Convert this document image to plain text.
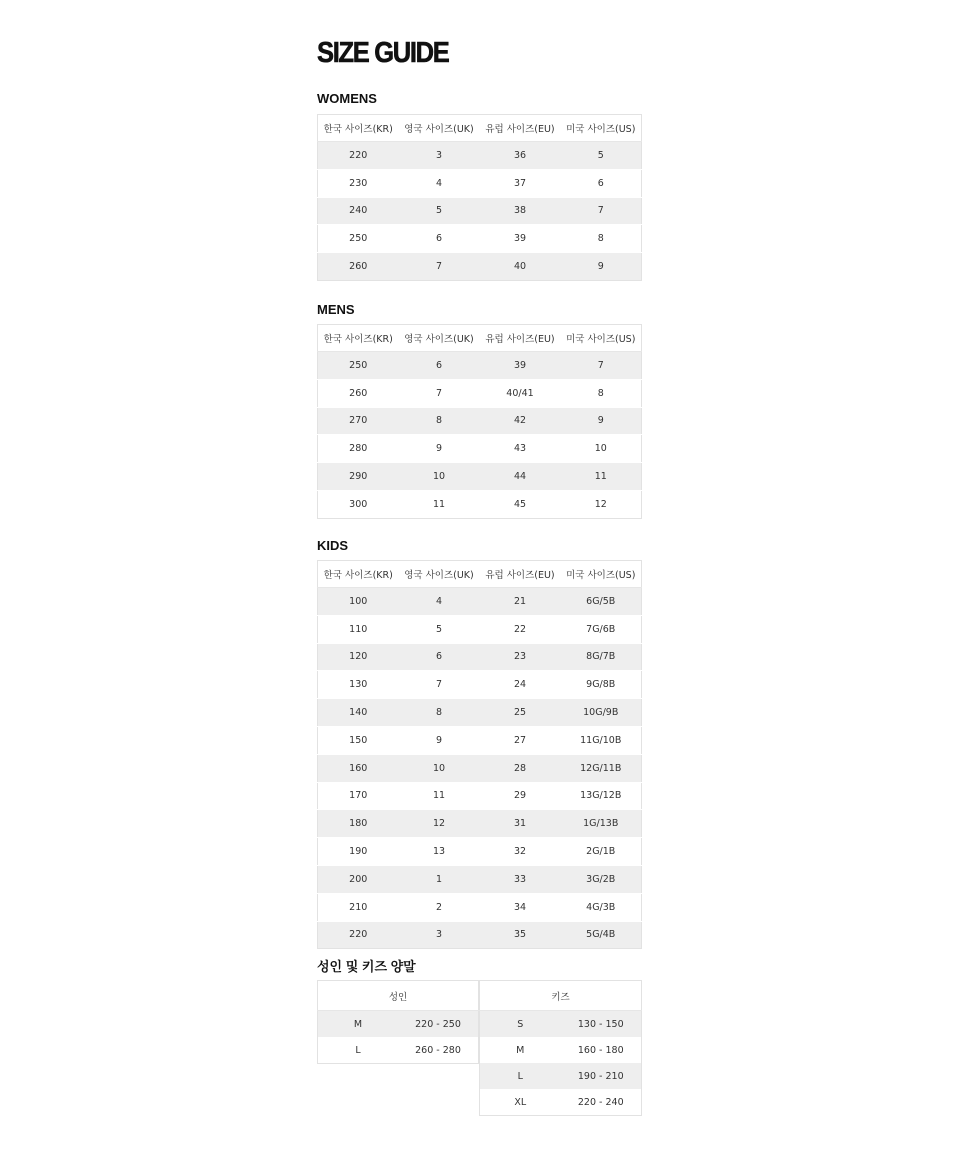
SIZE GUIDE
WOMENS
한국 사이즈(KR)	영국 사이즈(UK)	유럽 사이즈(EU)	미국 사이즈(US)
220	3	36	5
230	4	37	6
240	5	38	7
250	6	39	8
260	7	40	9
MENS
한국 사이즈(KR)	영국 사이즈(UK)	유럽 사이즈(EU)	미국 사이즈(US)
250	6	39	7
260	7	40/41	8
270	8	42	9
280	9	43	10
290	10	44	11
300	11	45	12
KIDS
한국 사이즈(KR)	영국 사이즈(UK)	유럽 사이즈(EU)	미국 사이즈(US)
100	4	21	6G/5B
110	5	22	7G/6B
120	6	23	8G/7B
130	7	24	9G/8B
140	8	25	10G/9B
150	9	27	11G/10B
160	10	28	12G/11B
170	11	29	13G/12B
180	12	31	1G/13B
190	13	32	2G/1B
200	1	33	3G/2B
210	2	34	4G/3B
220	3	35	5G/4B
성인 및 키즈 양말
성인	
M	220 - 250
L	260 - 280
키즈	
S	130 - 150
M	160 - 180
L	190 - 210
XL	220 - 240
